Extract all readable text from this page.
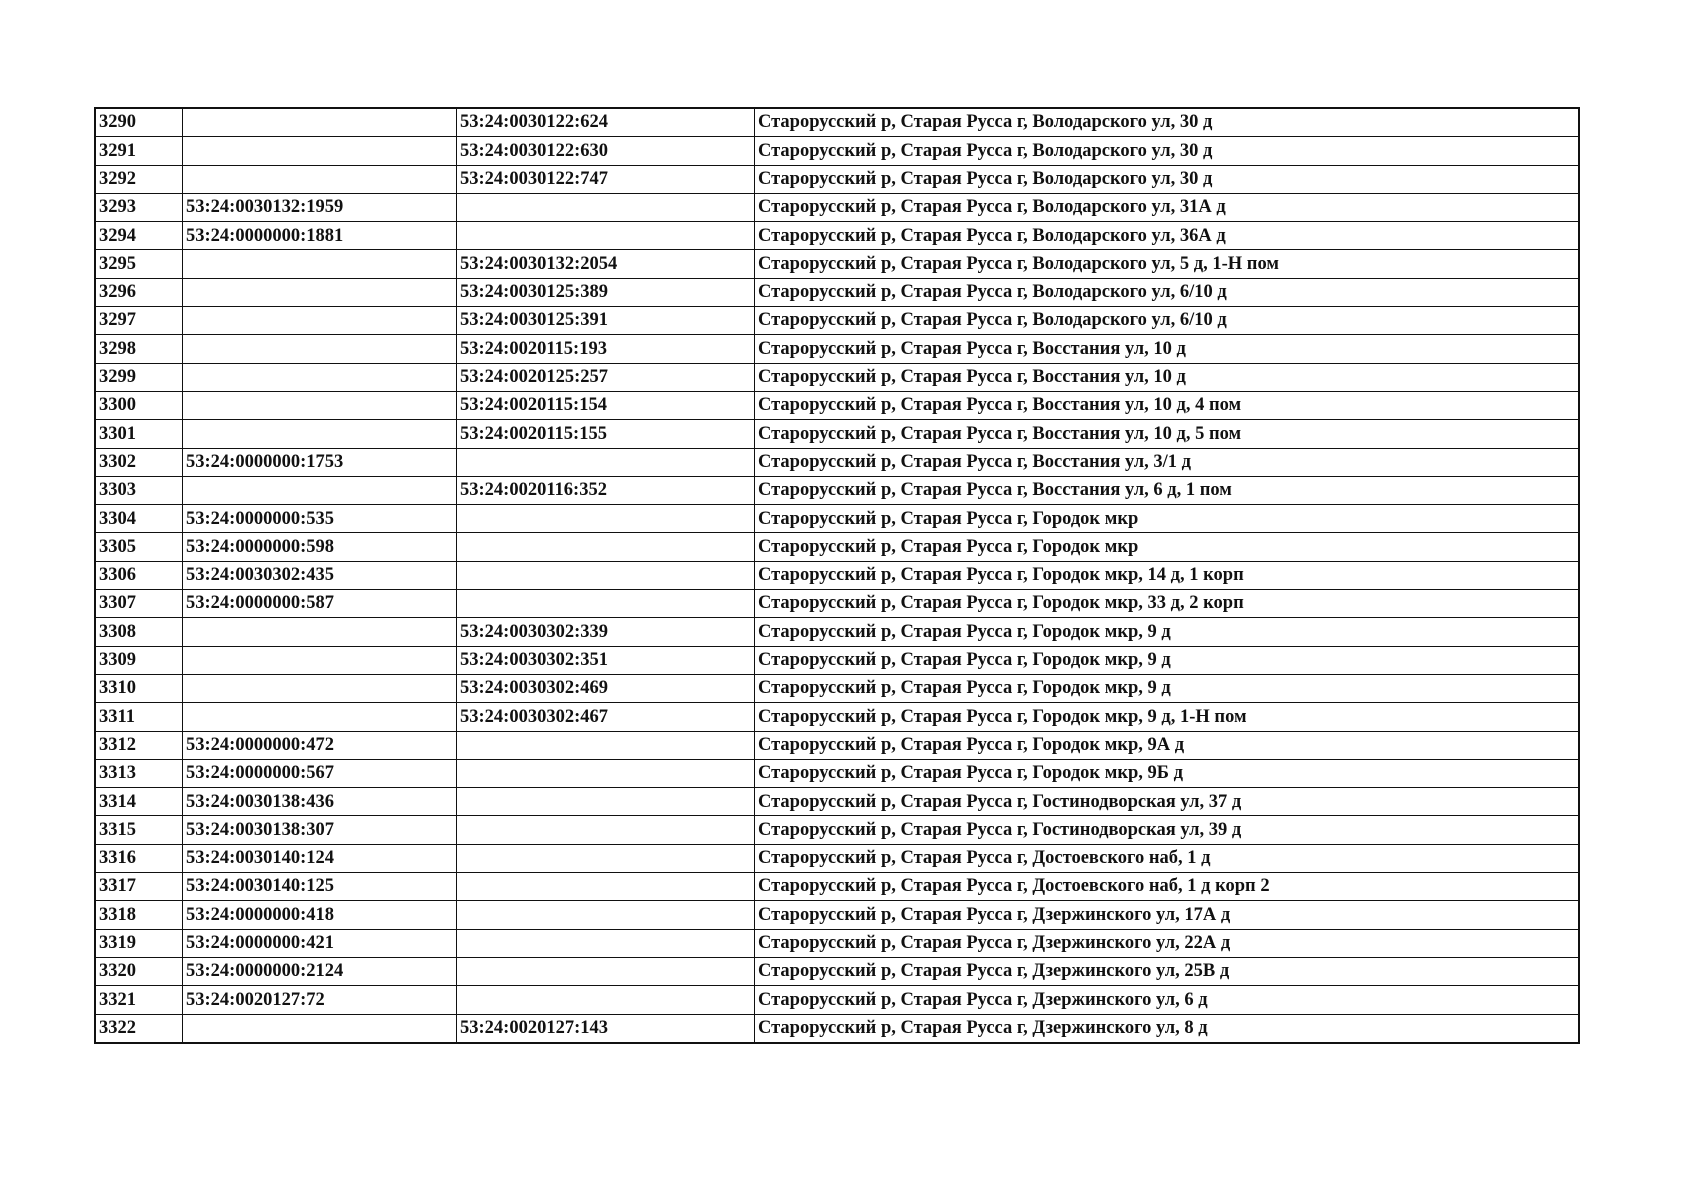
3290		53:24:0030122:624	Старорусский р, Старая Русса г, Володарского ул, 30 д
3291		53:24:0030122:630	Старорусский р, Старая Русса г, Володарского ул, 30 д
3292		53:24:0030122:747	Старорусский р, Старая Русса г, Володарского ул, 30 д
3293	53:24:0030132:1959		Старорусский р, Старая Русса г, Володарского ул, 31А д
3294	53:24:0000000:1881		Старорусский р, Старая Русса г, Володарского ул, 36А д
3295		53:24:0030132:2054	Старорусский р, Старая Русса г, Володарского ул, 5 д, 1-Н пом
3296		53:24:0030125:389	Старорусский р, Старая Русса г, Володарского ул, 6/10 д
3297		53:24:0030125:391	Старорусский р, Старая Русса г, Володарского ул, 6/10 д
3298		53:24:0020115:193	Старорусский р, Старая Русса г, Восстания ул, 10 д
3299		53:24:0020125:257	Старорусский р, Старая Русса г, Восстания ул, 10 д
3300		53:24:0020115:154	Старорусский р, Старая Русса г, Восстания ул, 10 д, 4 пом
3301		53:24:0020115:155	Старорусский р, Старая Русса г, Восстания ул, 10 д, 5 пом
3302	53:24:0000000:1753		Старорусский р, Старая Русса г, Восстания ул, 3/1 д
3303		53:24:0020116:352	Старорусский р, Старая Русса г, Восстания ул, 6 д, 1 пом
3304	53:24:0000000:535		Старорусский р, Старая Русса г, Городок мкр
3305	53:24:0000000:598		Старорусский р, Старая Русса г, Городок мкр
3306	53:24:0030302:435		Старорусский р, Старая Русса г, Городок мкр, 14 д, 1 корп
3307	53:24:0000000:587		Старорусский р, Старая Русса г, Городок мкр, 33 д, 2 корп
3308		53:24:0030302:339	Старорусский р, Старая Русса г, Городок мкр, 9 д
3309		53:24:0030302:351	Старорусский р, Старая Русса г, Городок мкр, 9 д
3310		53:24:0030302:469	Старорусский р, Старая Русса г, Городок мкр, 9 д
3311		53:24:0030302:467	Старорусский р, Старая Русса г, Городок мкр, 9 д, 1-Н пом
3312	53:24:0000000:472		Старорусский р, Старая Русса г, Городок мкр, 9А д
3313	53:24:0000000:567		Старорусский р, Старая Русса г, Городок мкр, 9Б д
3314	53:24:0030138:436		Старорусский р, Старая Русса г, Гостинодворская ул, 37 д
3315	53:24:0030138:307		Старорусский р, Старая Русса г, Гостинодворская ул, 39 д
3316	53:24:0030140:124		Старорусский р, Старая Русса г, Достоевского наб, 1 д
3317	53:24:0030140:125		Старорусский р, Старая Русса г, Достоевского наб, 1 д корп 2
3318	53:24:0000000:418		Старорусский р, Старая Русса г, Дзержинского ул, 17А д
3319	53:24:0000000:421		Старорусский р, Старая Русса г, Дзержинского ул, 22А д
3320	53:24:0000000:2124		Старорусский р, Старая Русса г, Дзержинского ул, 25В д
3321	53:24:0020127:72		Старорусский р, Старая Русса г, Дзержинского ул, 6 д
3322		53:24:0020127:143	Старорусский р, Старая Русса г, Дзержинского ул, 8 д
